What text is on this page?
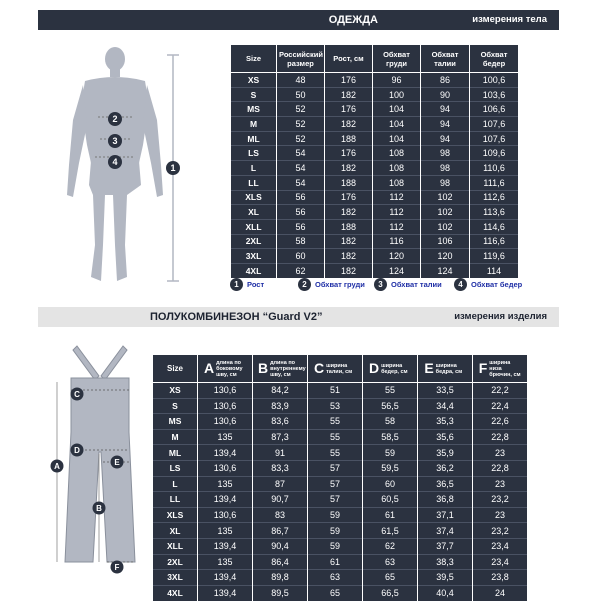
ОДЕЖДА	измерения тела
1
2
3
4
Size	Российский размер	Рост, см	Обхват груди	Обхват талии	Обхват бедер
XS	48	176	96	86	100,6
S	50	182	100	90	103,6
MS	52	176	104	94	106,6
M	52	182	104	94	107,6
ML	52	188	104	94	107,6
LS	54	176	108	98	109,6
L	54	182	108	98	110,6
LL	54	188	108	98	111,6
XLS	56	176	112	102	112,6
XL	56	182	112	102	113,6
XLL	56	188	112	102	114,6
2XL	58	182	116	106	116,6
3XL	60	182	120	120	119,6
4XL	62	182	124	124	114
1	Рост	2	Обхват груди	3	Обхват талии	4	Обхват бедер
ПОЛУКОМБИНЕЗОН “Guard V2”	измерения изделия
A
B
C
D
E
F
Size	A длина по боковому шву, см	B длина по внутреннему шву, см	C ширина талии, см	D ширина бедер, см	E ширина бедра, см	F ширина низа брючин, см
XS	130,6	84,2	51	55	33,5	22,2
S	130,6	83,9	53	56,5	34,4	22,4
MS	130,6	83,6	55	58	35,3	22,6
M	135	87,3	55	58,5	35,6	22,8
ML	139,4	91	55	59	35,9	23
LS	130,6	83,3	57	59,5	36,2	22,8
L	135	87	57	60	36,5	23
LL	139,4	90,7	57	60,5	36,8	23,2
XLS	130,6	83	59	61	37,1	23
XL	135	86,7	59	61,5	37,4	23,2
XLL	139,4	90,4	59	62	37,7	23,4
2XL	135	86,4	61	63	38,3	23,4
3XL	139,4	89,8	63	65	39,5	23,8
4XL	139,4	89,5	65	66,5	40,4	24
